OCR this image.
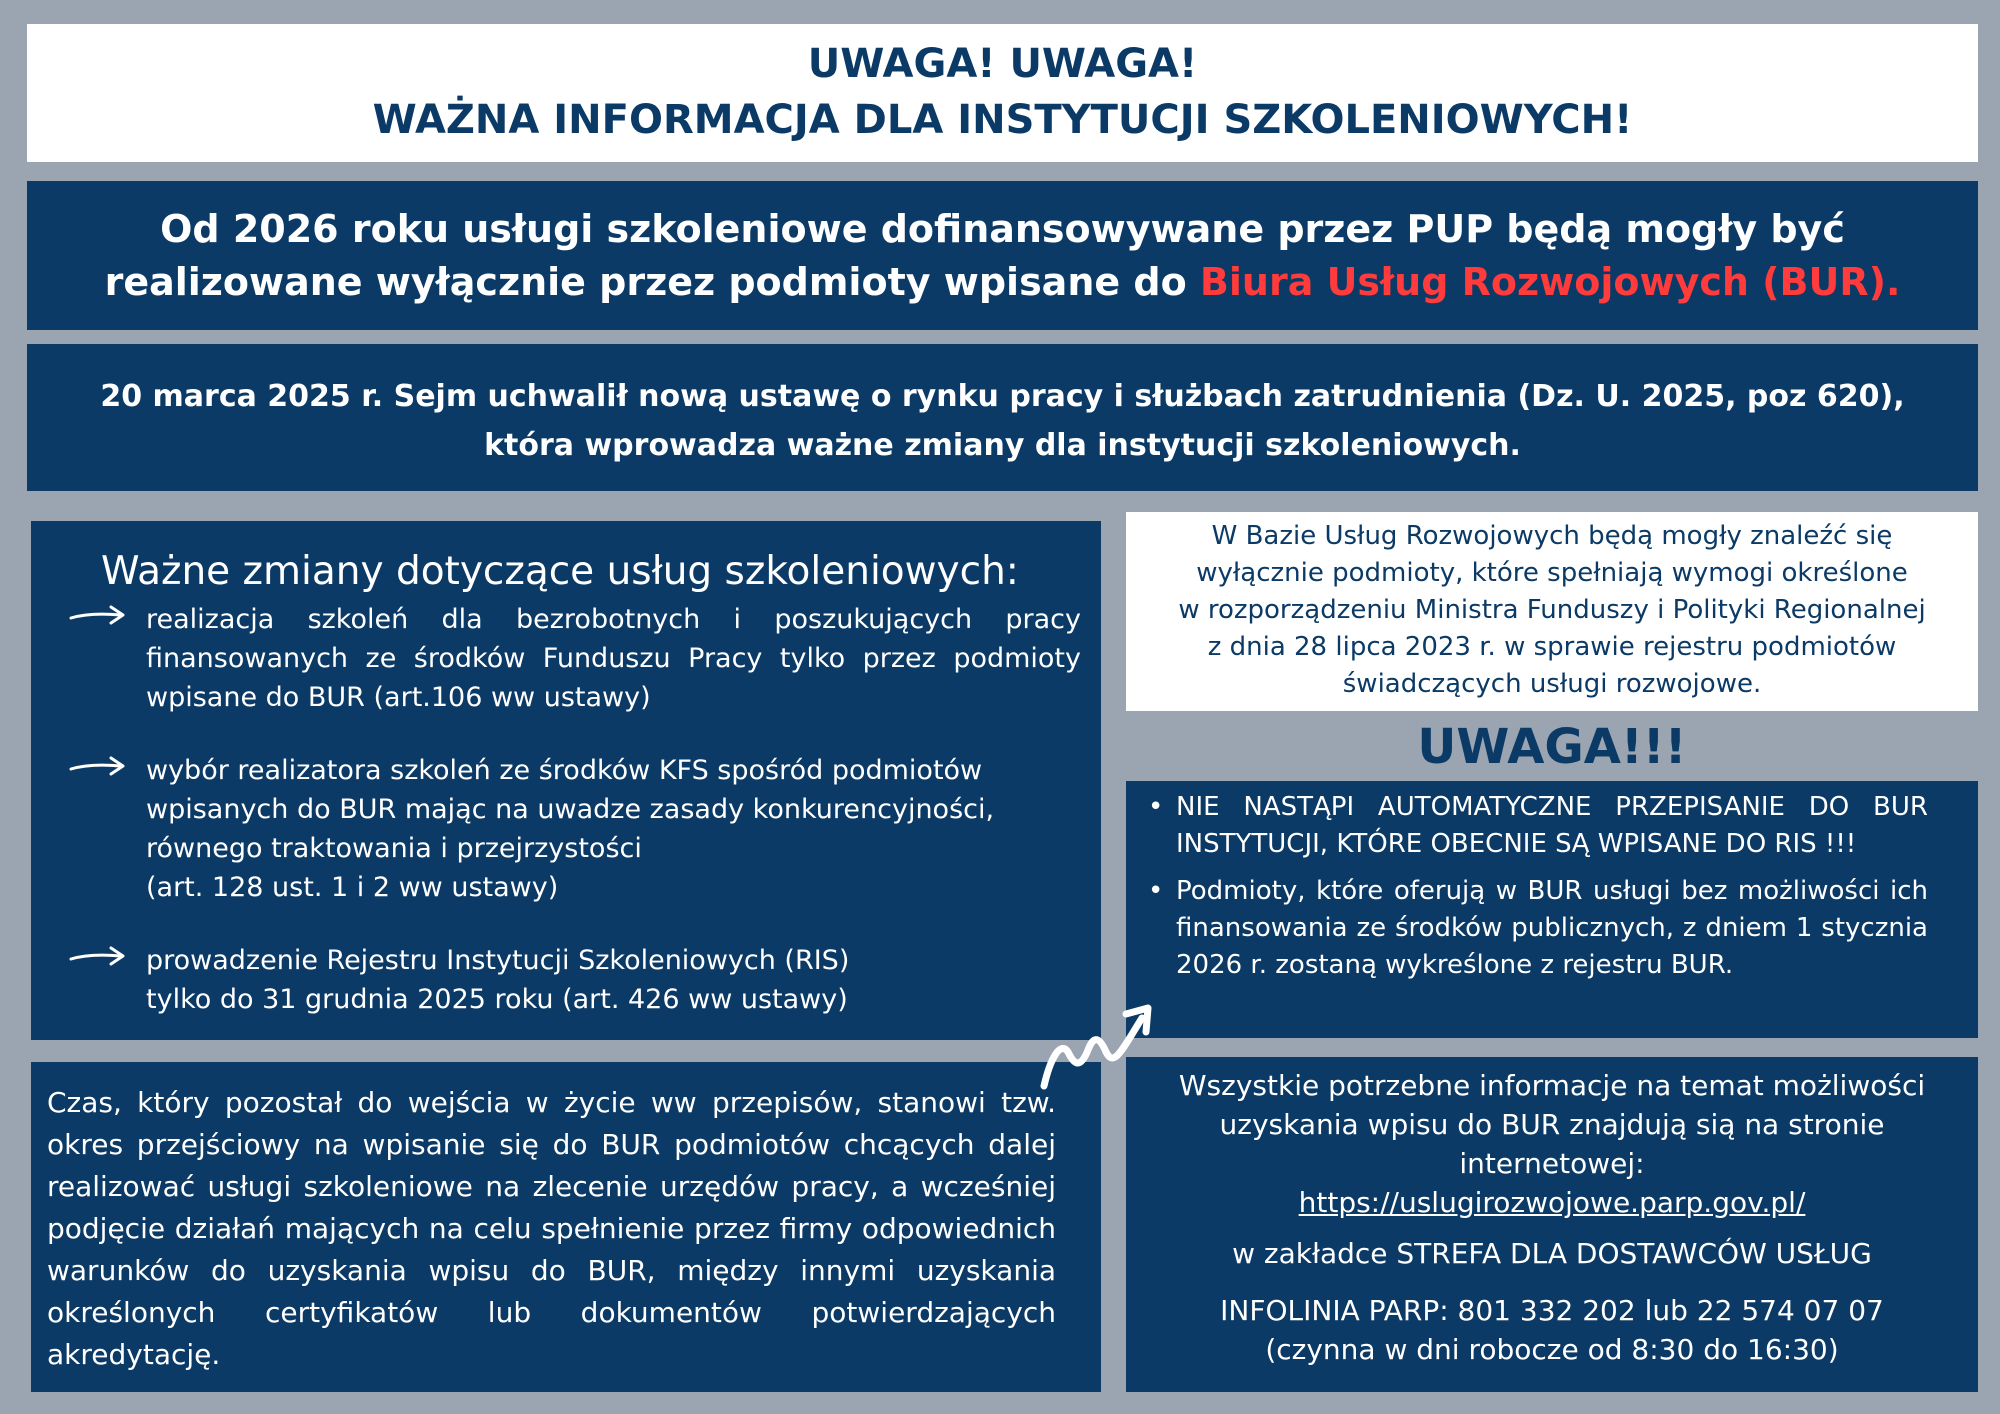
UWAGA! UWAGA!
WAŻNA INFORMACJA DLA INSTYTUCJI SZKOLENIOWYCH!
Od 2026 roku usługi szkoleniowe dofinansowywane przez PUP będą mogły być
realizowane wyłącznie przez podmioty wpisane do Biura Usług Rozwojowych (BUR).
20 marca 2025 r. Sejm uchwalił nową ustawę o rynku pracy i służbach zatrudnienia (Dz. U. 2025, poz 620),
która wprowadza ważne zmiany dla instytucji szkoleniowych.
Ważne zmiany dotyczące usług szkoleniowych:
realizacja szkoleń dla bezrobotnych i poszukujących pracy finansowanych ze środków Funduszu Pracy tylko przez podmioty wpisane do BUR (art.106 ww ustawy)
wybór realizatora szkoleń ze środków KFS spośród podmiotów
wpisanych do BUR mając na uwadze zasady konkurencyjności,
równego traktowania i przejrzystości
(art. 128 ust. 1 i 2 ww ustawy)
prowadzenie Rejestru Instytucji Szkoleniowych (RIS)
tylko do 31 grudnia 2025 roku (art. 426 ww ustawy)
W Bazie Usług Rozwojowych będą mogły znaleźć się
wyłącznie podmioty, które spełniają wymogi określone
w rozporządzeniu Ministra Funduszy i Polityki Regionalnej
z dnia 28 lipca 2023 r. w sprawie rejestru podmiotów
świadczących usługi rozwojowe.
UWAGA!!!
• NIE NASTĄPI AUTOMATYCZNE PRZEPISANIE DO BUR INSTYTUCJI, KTÓRE OBECNIE SĄ WPISANE DO RIS !!!
• Podmioty, które oferują w BUR usługi bez możliwości ich finansowania ze środków publicznych, z dniem 1 stycznia 2026 r. zostaną wykreślone z rejestru BUR.
Czas, który pozostał do wejścia w życie ww przepisów, stanowi tzw. okres przejściowy na wpisanie się do BUR podmiotów chcących dalej realizować usługi szkoleniowe na zlecenie urzędów pracy, a wcześniej podjęcie działań mających na celu spełnienie przez firmy odpowiednich warunków do uzyskania wpisu do BUR, między innymi uzyskania określonych certyfikatów lub dokumentów potwierdzających akredytację.
Wszystkie potrzebne informacje na temat możliwości
uzyskania wpisu do BUR znajdują sią na stronie
internetowej:
https://uslugirozwojowe.parp.gov.pl/
w zakładce STREFA DLA DOSTAWCÓW USŁUG
INFOLINIA PARP: 801 332 202 lub 22 574 07 07
(czynna w dni robocze od 8:30 do 16:30)
